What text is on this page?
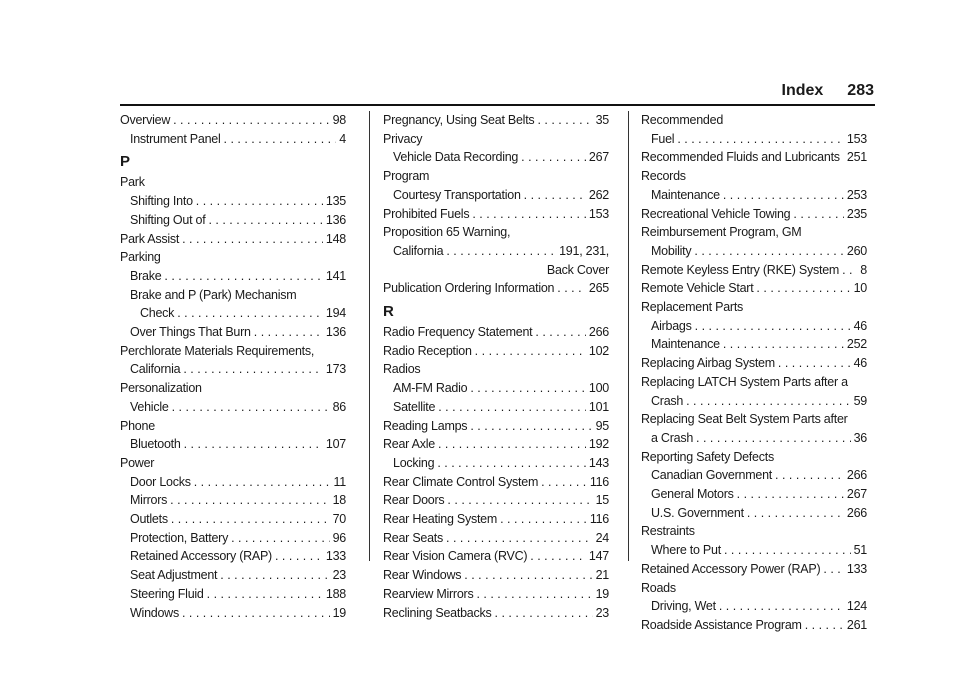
Index 283
Overview . . .	98
Instrument Panel . . .	4
P
Park
Shifting Into . . .	135
Shifting Out of . . .	136
Park Assist . . .	148
Parking
Brake . . .	141
Brake and P (Park) Mechanism
Check . . .	194
Over Things That Burn . . .	136
Perchlorate Materials Requirements,
California . . .	173
Personalization
Vehicle . . .	86
Phone
Bluetooth . . .	107
Power
Door Locks . . .	11
Mirrors . . .	18
Outlets . . .	70
Protection, Battery . . .	96
Retained Accessory (RAP) . . .	133
Seat Adjustment . . .	23
Steering Fluid . . .	188
Windows . . .	19
Pregnancy, Using Seat Belts . . .	35
Privacy
Vehicle Data Recording . . .	267
Program
Courtesy Transportation . . .	262
Prohibited Fuels . . .	153
Proposition 65 Warning,
California . . .	191, 231,
Back Cover
Publication Ordering Information . . .	265
R
Radio Frequency Statement . . .	266
Radio Reception . . .	102
Radios
AM-FM Radio . . .	100
Satellite . . .	101
Reading Lamps . . .	95
Rear Axle . . .	192
Locking . . .	143
Rear Climate Control System . . .	116
Rear Doors . . .	15
Rear Heating System . . .	116
Rear Seats . . .	24
Rear Vision Camera (RVC) . . .	147
Rear Windows . . .	21
Rearview Mirrors . . .	19
Reclining Seatbacks . . .	23
Recommended
Fuel . . .	153
Recommended Fluids and Lubricants . . . 251
Records
Maintenance . . .	253
Recreational Vehicle Towing . . .	235
Reimbursement Program, GM
Mobility . . .	260
Remote Keyless Entry (RKE) System . . . 8
Remote Vehicle Start . . .	10
Replacement Parts
Airbags . . .	46
Maintenance . . .	252
Replacing Airbag System . . .	46
Replacing LATCH System Parts after a
Crash . . .	59
Replacing Seat Belt System Parts after
a Crash . . .	36
Reporting Safety Defects
Canadian Government . . .	266
General Motors . . .	267
U.S. Government . . .	266
Restraints
Where to Put . . .	51
Retained Accessory Power (RAP) . . . 133
Roads
Driving, Wet . . .	124
Roadside Assistance Program . . .	261
